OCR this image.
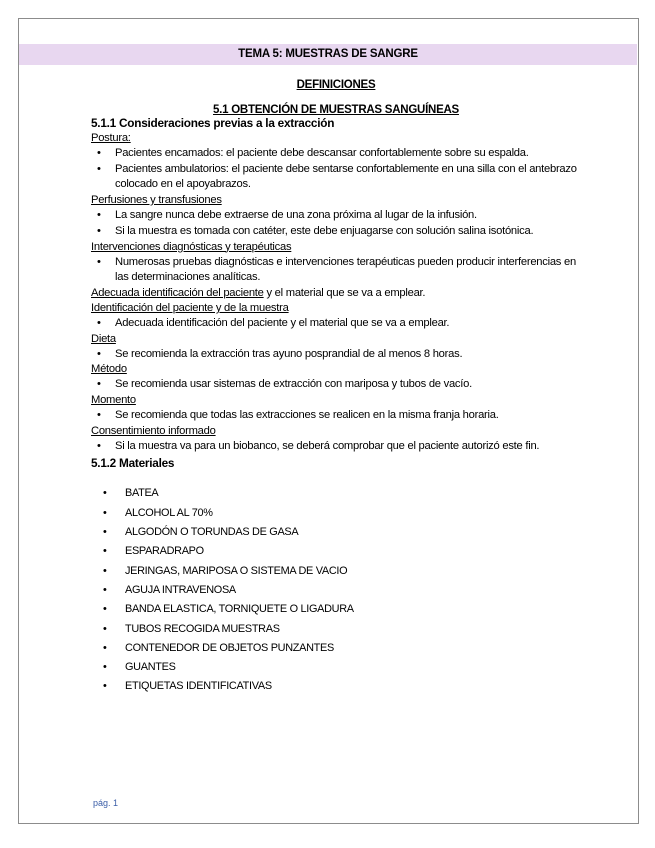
TEMA 5: MUESTRAS DE SANGRE
DEFINICIONES
5.1 OBTENCIÓN DE MUESTRAS SANGUÍNEAS
5.1.1 Consideraciones previas a la extracción
Postura:
• Pacientes encamados: el paciente debe descansar confortablemente sobre su espalda.
• Pacientes ambulatorios: el paciente debe sentarse confortablemente en una silla con el antebrazo colocado en el apoyabrazos.
Perfusiones y transfusiones
• La sangre nunca debe extraerse de una zona próxima al lugar de la infusión.
• Si la muestra es tomada con catéter, este debe enjuagarse con solución salina isotónica.
Intervenciones diagnósticas y terapéuticas
• Numerosas pruebas diagnósticas e intervenciones terapéuticas pueden producir interferencias en las determinaciones analíticas.
Adecuada identificación del paciente y el material que se va a emplear.
Identificación del paciente y de la muestra
• Adecuada identificación del paciente y el material que se va a emplear.
Dieta
• Se recomienda la extracción tras ayuno posprandial de al menos 8 horas.
Método
• Se recomienda usar sistemas de extracción con mariposa y tubos de vacío.
Momento
• Se recomienda que todas las extracciones se realicen en la misma franja horaria.
Consentimiento informado
• Si la muestra va para un biobanco, se deberá comprobar que el paciente autorizó este fin.
5.1.2 Materiales
• BATEA
• ALCOHOL AL 70%
• ALGODÓN O TORUNDAS DE GASA
• ESPARADRAPO
• JERINGAS, MARIPOSA O SISTEMA DE VACIO
• AGUJA INTRAVENOSA
• BANDA ELASTICA, TORNIQUETE O LIGADURA
• TUBOS RECOGIDA MUESTRAS
• CONTENEDOR DE OBJETOS PUNZANTES
• GUANTES
• ETIQUETAS IDENTIFICATIVAS
pág. 1
